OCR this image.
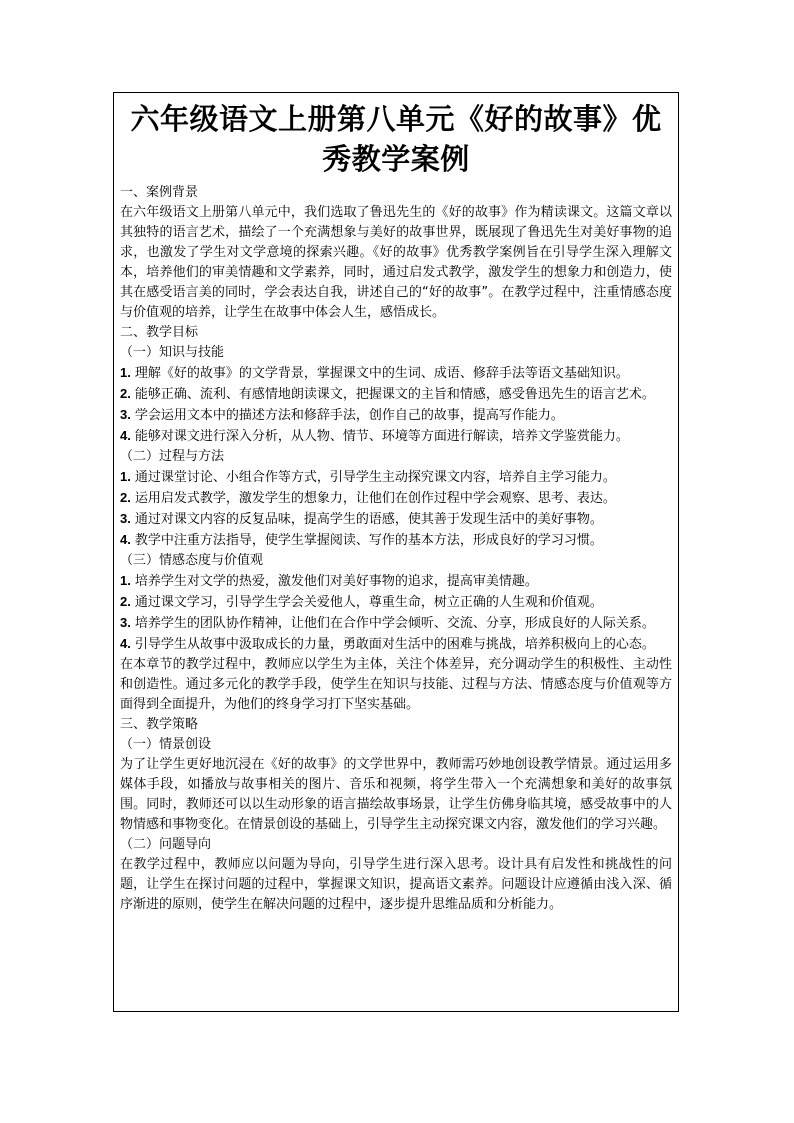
六年级语文上册第八单元《好的故事》优秀教学案例

一、案例背景

在六年级语文上册第八单元中，我们选取了鲁迅先生的《好的故事》作为精读课文。这篇文章以其独特的语言艺术，描绘了一个充满想象与美好的故事世界，既展现了鲁迅先生对美好事物的追求，也激发了学生对文学意境的探索兴趣。《好的故事》优秀教学案例旨在引导学生深入理解文本，培养他们的审美情趣和文学素养，同时，通过启发式教学，激发学生的想象力和创造力，使其在感受语言美的同时，学会表达自我，讲述自己的“好的故事”。在教学过程中，注重情感态度与价值观的培养，让学生在故事中体会人生，感悟成长。

二、教学目标

（一）知识与技能

1. 理解《好的故事》的文学背景，掌握课文中的生词、成语、修辞手法等语文基础知识。

2. 能够正确、流利、有感情地朗读课文，把握课文的主旨和情感，感受鲁迅先生的语言艺术。

3. 学会运用文本中的描述方法和修辞手法，创作自己的故事，提高写作能力。

4. 能够对课文进行深入分析，从人物、情节、环境等方面进行解读，培养文学鉴赏能力。

（二）过程与方法

1. 通过课堂讨论、小组合作等方式，引导学生主动探究课文内容，培养自主学习能力。

2. 运用启发式教学，激发学生的想象力，让他们在创作过程中学会观察、思考、表达。

3. 通过对课文内容的反复品味，提高学生的语感，使其善于发现生活中的美好事物。

4. 教学中注重方法指导，使学生掌握阅读、写作的基本方法，形成良好的学习习惯。

（三）情感态度与价值观

1. 培养学生对文学的热爱，激发他们对美好事物的追求，提高审美情趣。

2. 通过课文学习，引导学生学会关爱他人，尊重生命，树立正确的人生观和价值观。

3. 培养学生的团队协作精神，让他们在合作中学会倾听、交流、分享，形成良好的人际关系。

4. 引导学生从故事中汲取成长的力量，勇敢面对生活中的困难与挑战，培养积极向上的心态。

在本章节的教学过程中，教师应以学生为主体，关注个体差异，充分调动学生的积极性、主动性和创造性。通过多元化的教学手段，使学生在知识与技能、过程与方法、情感态度与价值观等方面得到全面提升，为他们的终身学习打下坚实基础。

三、教学策略

（一）情景创设

为了让学生更好地沉浸在《好的故事》的文学世界中，教师需巧妙地创设教学情景。通过运用多媒体手段，如播放与故事相关的图片、音乐和视频，将学生带入一个充满想象和美好的故事氛围。同时，教师还可以以生动形象的语言描绘故事场景，让学生仿佛身临其境，感受故事中的人物情感和事物变化。在情景创设的基础上，引导学生主动探究课文内容，激发他们的学习兴趣。

（二）问题导向

在教学过程中，教师应以问题为导向，引导学生进行深入思考。设计具有启发性和挑战性的问题，让学生在探讨问题的过程中，掌握课文知识，提高语文素养。问题设计应遵循由浅入深、循序渐进的原则，使学生在解决问题的过程中，逐步提升思维品质和分析能力。
